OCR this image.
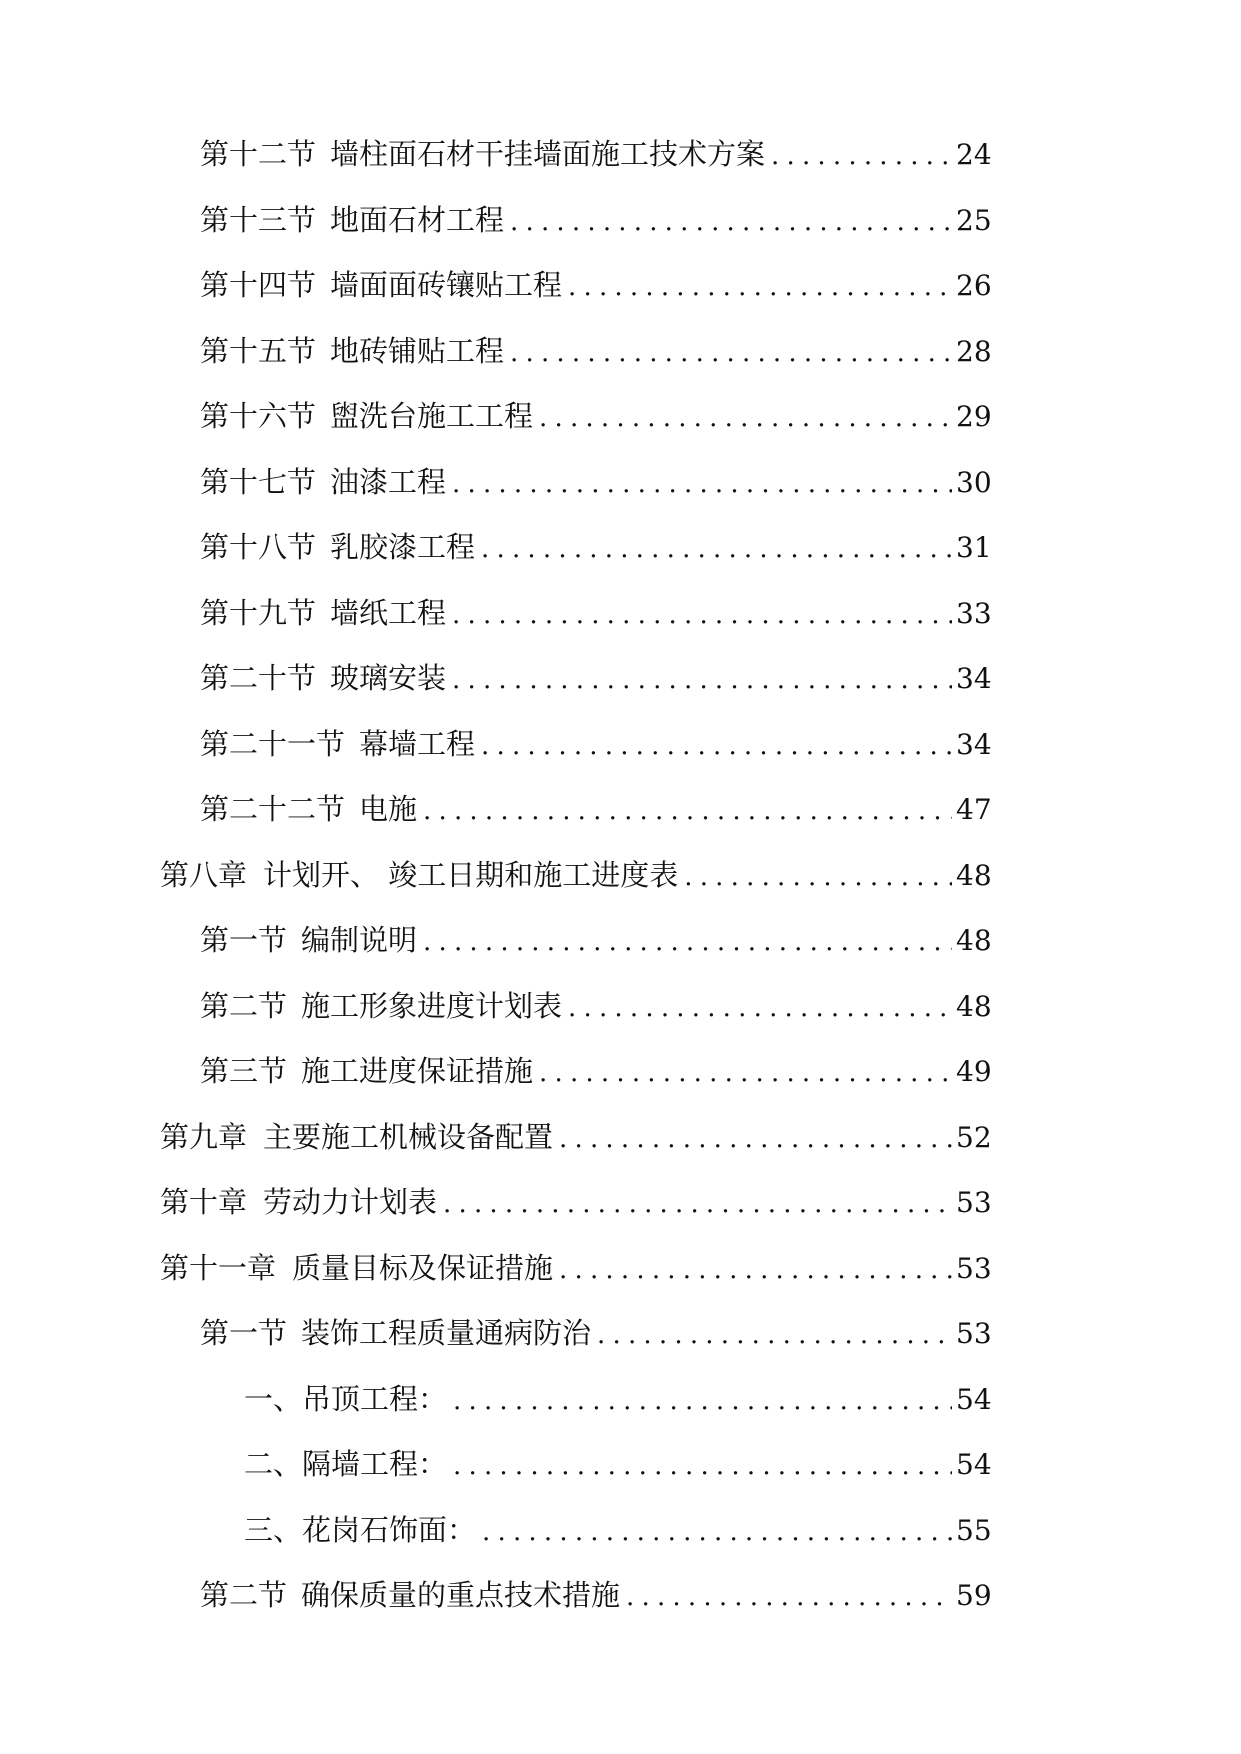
第十二节 墙柱面石材干挂墙面施工技术方案 .....	24
第十三节 地面石材工程 .....	25
第十四节 墙面面砖镶贴工程 .....	26
第十五节 地砖铺贴工程 .....	28
第十六节 盥洗台施工工程 .....	29
第十七节 油漆工程 .....	30
第十八节 乳胶漆工程 .....	31
第十九节 墙纸工程 .....	33
第二十节 玻璃安装 .....	34
第二十一节 幕墙工程 .....	34
第二十二节 电施 .....	47
第八章 计划开、 竣工日期和施工进度表 .....	48
第一节 编制说明 .....	48
第二节 施工形象进度计划表 .....	48
第三节 施工进度保证措施 .....	49
第九章 主要施工机械设备配置 .....	52
第十章 劳动力计划表 .....	53
第十一章 质量目标及保证措施 .....	53
第一节 装饰工程质量通病防治 .....	53
一、 吊顶工程： .....	54
二、 隔墙工程： .....	54
三、 花岗石饰面： .....	55
第二节 确保质量的重点技术措施 .....	59
